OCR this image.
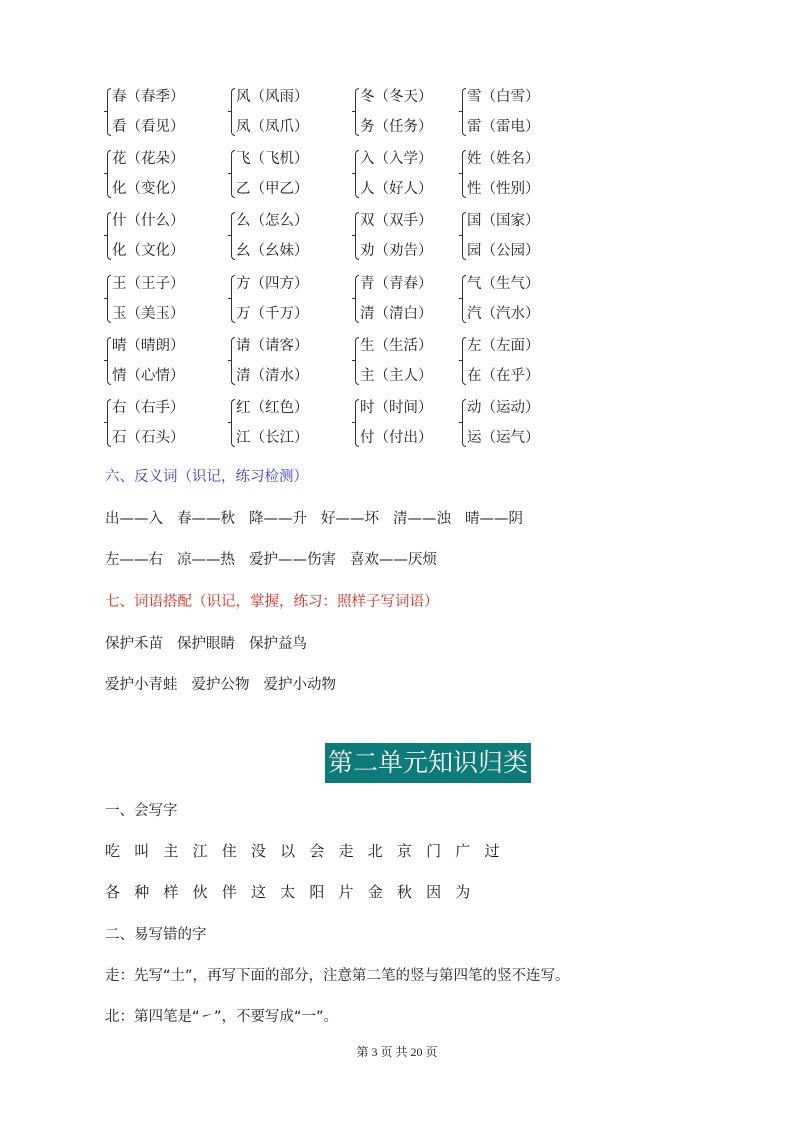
春（春季）
看（看见）
风（风雨）
凤（凤爪）
冬（冬天）
务（任务）
雪（白雪）
雷（雷电）
花（花朵）
化（变化）
飞（飞机）
乙（甲乙）
入（入学）
人（好人）
姓（姓名）
性（性别）
什（什么）
化（文化）
么（怎么）
幺（幺妹）
双（双手）
劝（劝告）
国（国家）
园（公园）
王（王子）
玉（美玉）
方（四方）
万（千万）
青（青春）
清（清白）
气（生气）
汽（汽水）
晴（晴朗）
情（心情）
请（请客）
清（清水）
生（生活）
主（主人）
左（左面）
在（在乎）
右（右手）
石（石头）
红（红色）
江（长江）
时（时间）
付（付出）
动（运动）
运（运气）
六、反义词（识记，练习检测）
出——入 春——秋 降——升 好——坏 清——浊 晴——阴
左——右 凉——热 爱护——伤害 喜欢——厌烦
七、词语搭配（识记，掌握，练习：照样子写词语）
保护禾苗 保护眼睛 保护益鸟
爱护小青蛙 爱护公物 爱护小动物
第二单元知识归类
一、会写字
吃 叫 主 江 住 没 以 会 走 北 京 门 广 过
各 种 样 伙 伴 这 太 阳 片 金 秋 因 为
二、易写错的字
走：先写“土”，再写下面的部分，注意第二笔的竖与第四笔的竖不连写。
北：第四笔是“㇀”，不要写成“一”。
第 3 页 共 20 页
